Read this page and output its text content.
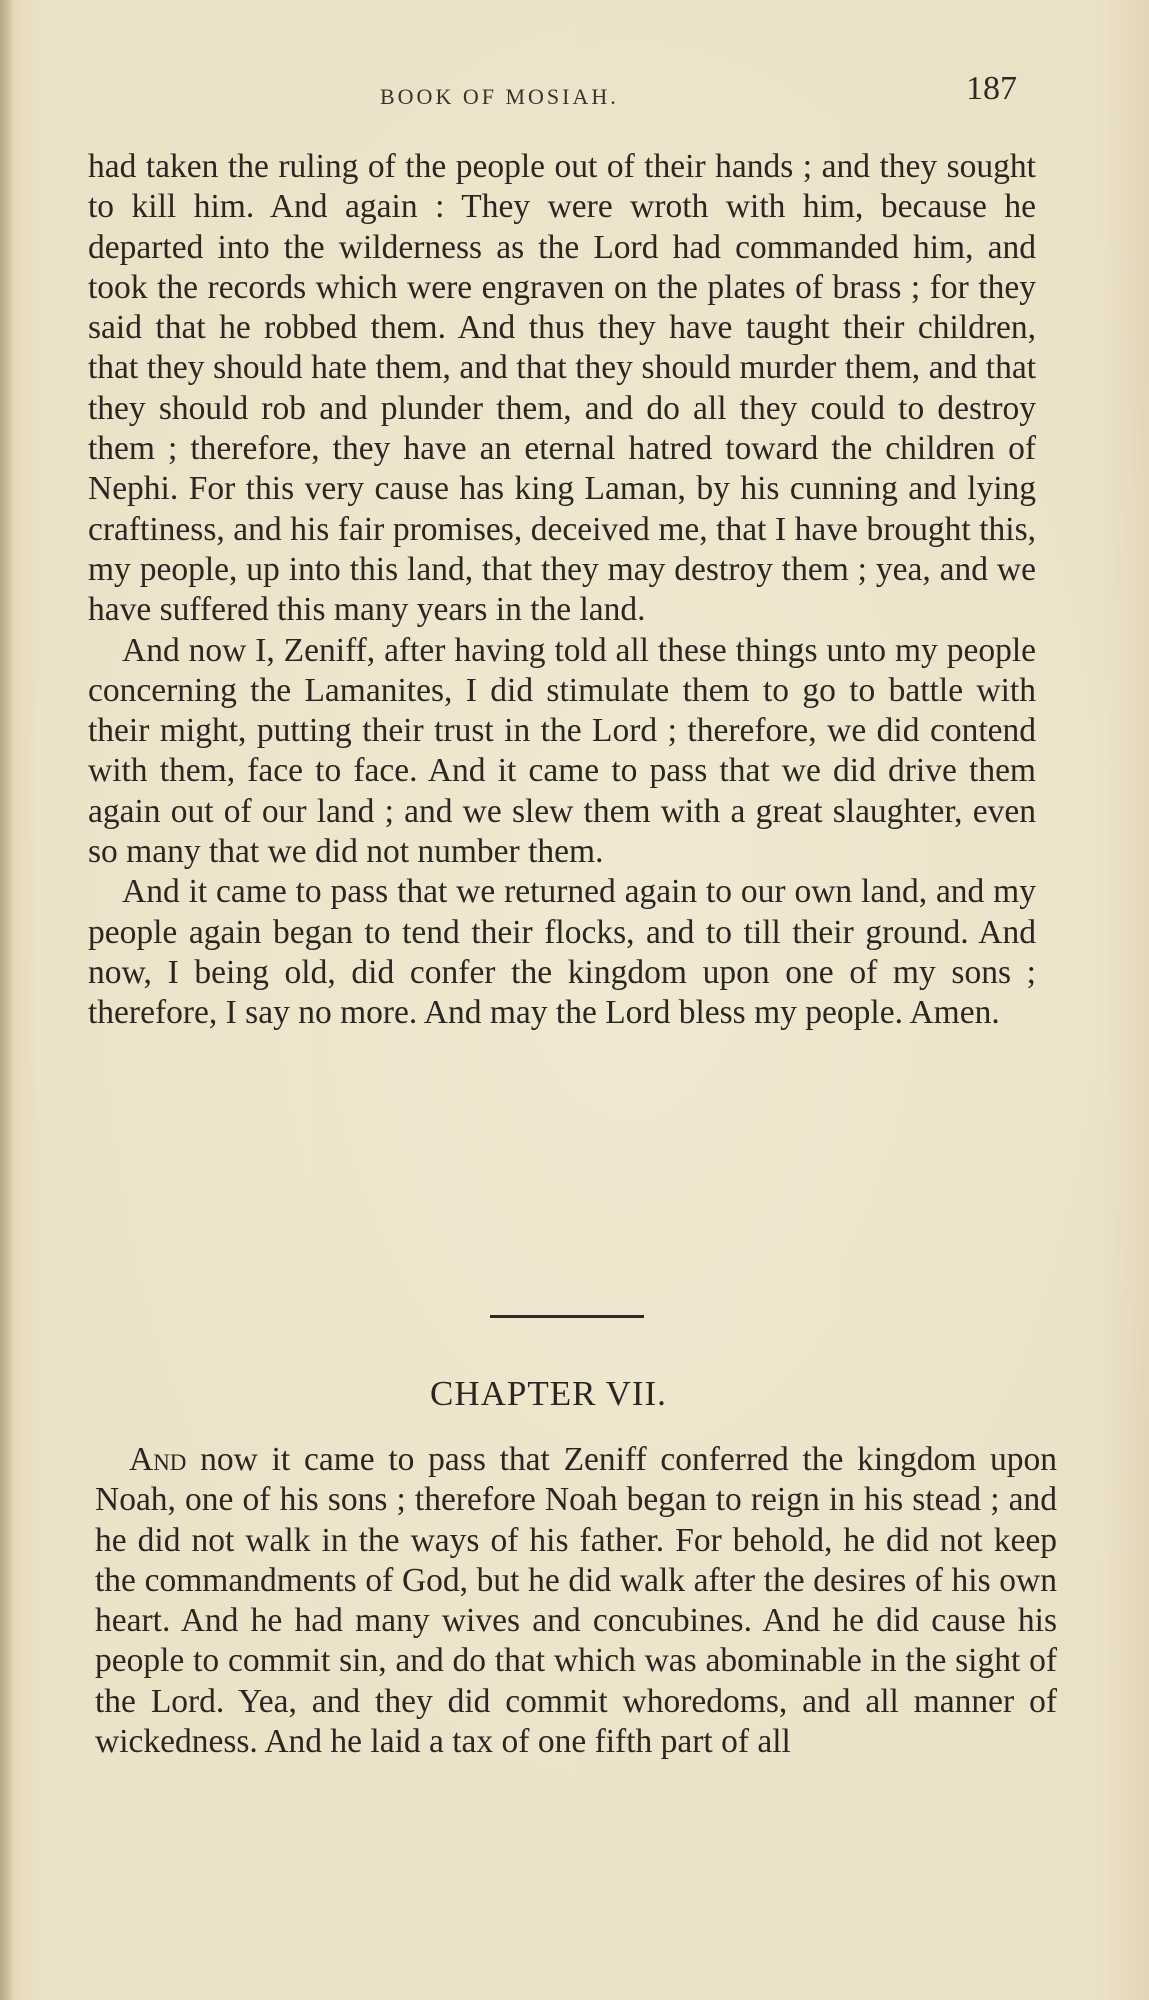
BOOK OF MOSIAH.	187

had taken the ruling of the people out of their hands ; and they sought to kill him. And again : They were wroth with him, because he departed into the wilderness as the Lord had commanded him, and took the records which were engraven on the plates of brass ; for they said that he robbed them. And thus they have taught their children, that they should hate them, and that they should murder them, and that they should rob and plunder them, and do all they could to destroy them ; therefore, they have an eternal hatred toward the children of Nephi. For this very cause has king Laman, by his cunning and lying craftiness, and his fair promises, deceived me, that I have brought this, my people, up into this land, that they may destroy them ; yea, and we have suffered this many years in the land.

And now I, Zeniff, after having told all these things unto my people concerning the Lamanites, I did stimulate them to go to battle with their might, putting their trust in the Lord ; therefore, we did contend with them, face to face. And it came to pass that we did drive them again out of our land ; and we slew them with a great slaughter, even so many that we did not number them.

And it came to pass that we returned again to our own land, and my people again began to tend their flocks, and to till their ground. And now, I being old, did confer the kingdom upon one of my sons ; therefore, I say no more. And may the Lord bless my people. Amen.

CHAPTER VII.

And now it came to pass that Zeniff conferred the kingdom upon Noah, one of his sons ; therefore Noah began to reign in his stead ; and he did not walk in the ways of his father. For behold, he did not keep the commandments of God, but he did walk after the desires of his own heart. And he had many wives and concubines. And he did cause his people to commit sin, and do that which was abominable in the sight of the Lord. Yea, and they did commit whoredoms, and all manner of wickedness. And he laid a tax of one fifth part of all
